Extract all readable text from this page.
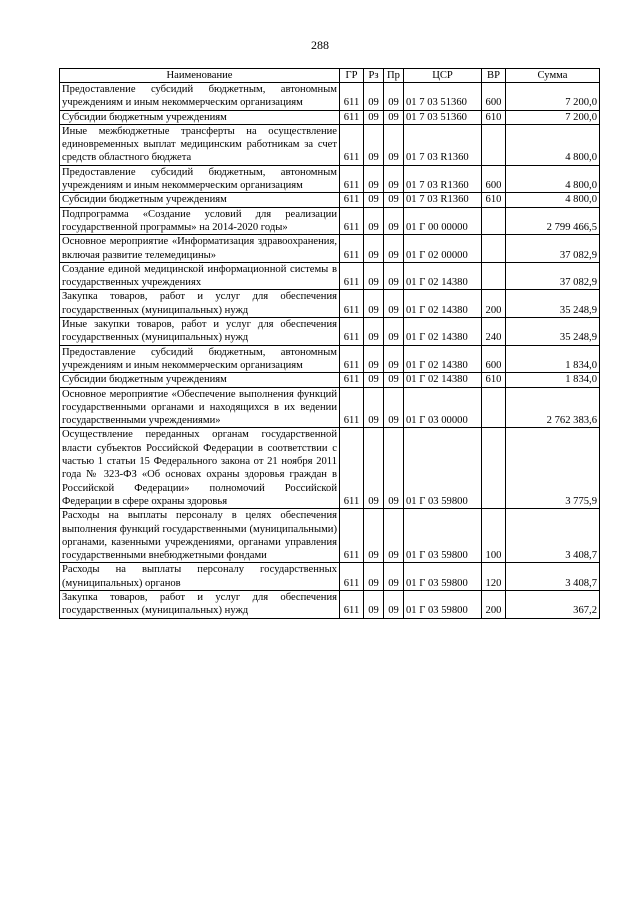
288
Наименование	ГР	Рз	Пр	ЦСР	ВР	Сумма
Предоставление субсидий бюджетным, автономным учреждениям и иным некоммерческим организациям	611	09	09	01 7 03 51360	600	7 200,0
Субсидии бюджетным учреждениям	611	09	09	01 7 03 51360	610	7 200,0
Иные межбюджетные трансферты на осуществление единовременных выплат медицинским работникам за счет средств областного бюджета	611	09	09	01 7 03 R1360		4 800,0
Предоставление субсидий бюджетным, автономным учреждениям и иным некоммерческим организациям	611	09	09	01 7 03 R1360	600	4 800,0
Субсидии бюджетным учреждениям	611	09	09	01 7 03 R1360	610	4 800,0
Подпрограмма «Создание условий для реализации государственной программы» на 2014-2020 годы»	611	09	09	01 Г 00 00000		2 799 466,5
Основное мероприятие «Информатизация здравоохранения, включая развитие телемедицины»	611	09	09	01 Г 02 00000		37 082,9
Создание единой медицинской информационной системы в государственных учреждениях	611	09	09	01 Г 02 14380		37 082,9
Закупка товаров, работ и услуг для обеспечения государственных (муниципальных) нужд	611	09	09	01 Г 02 14380	200	35 248,9
Иные закупки товаров, работ и услуг для обеспечения государственных (муниципальных) нужд	611	09	09	01 Г 02 14380	240	35 248,9
Предоставление субсидий бюджетным, автономным учреждениям и иным некоммерческим организациям	611	09	09	01 Г 02 14380	600	1 834,0
Субсидии бюджетным учреждениям	611	09	09	01 Г 02 14380	610	1 834,0
Основное мероприятие «Обеспечение выполнения функций государственными органами и находящихся в их ведении государственными учреждениями»	611	09	09	01 Г 03 00000		2 762 383,6
Осуществление переданных органам государственной власти субъектов Российской Федерации в соответствии с частью 1 статьи 15 Федерального закона от 21 ноября 2011 года № 323-ФЗ «Об основах охраны здоровья граждан в Российской Федерации» полномочий Российской Федерации в сфере охраны здоровья	611	09	09	01 Г 03 59800		3 775,9
Расходы на выплаты персоналу в целях обеспечения выполнения функций государственными (муниципальными) органами, казенными учреждениями, органами управления государственными внебюджетными фондами	611	09	09	01 Г 03 59800	100	3 408,7
Расходы на выплаты персоналу государственных (муниципальных) органов	611	09	09	01 Г 03 59800	120	3 408,7
Закупка товаров, работ и услуг для обеспечения государственных (муниципальных) нужд	611	09	09	01 Г 03 59800	200	367,2
